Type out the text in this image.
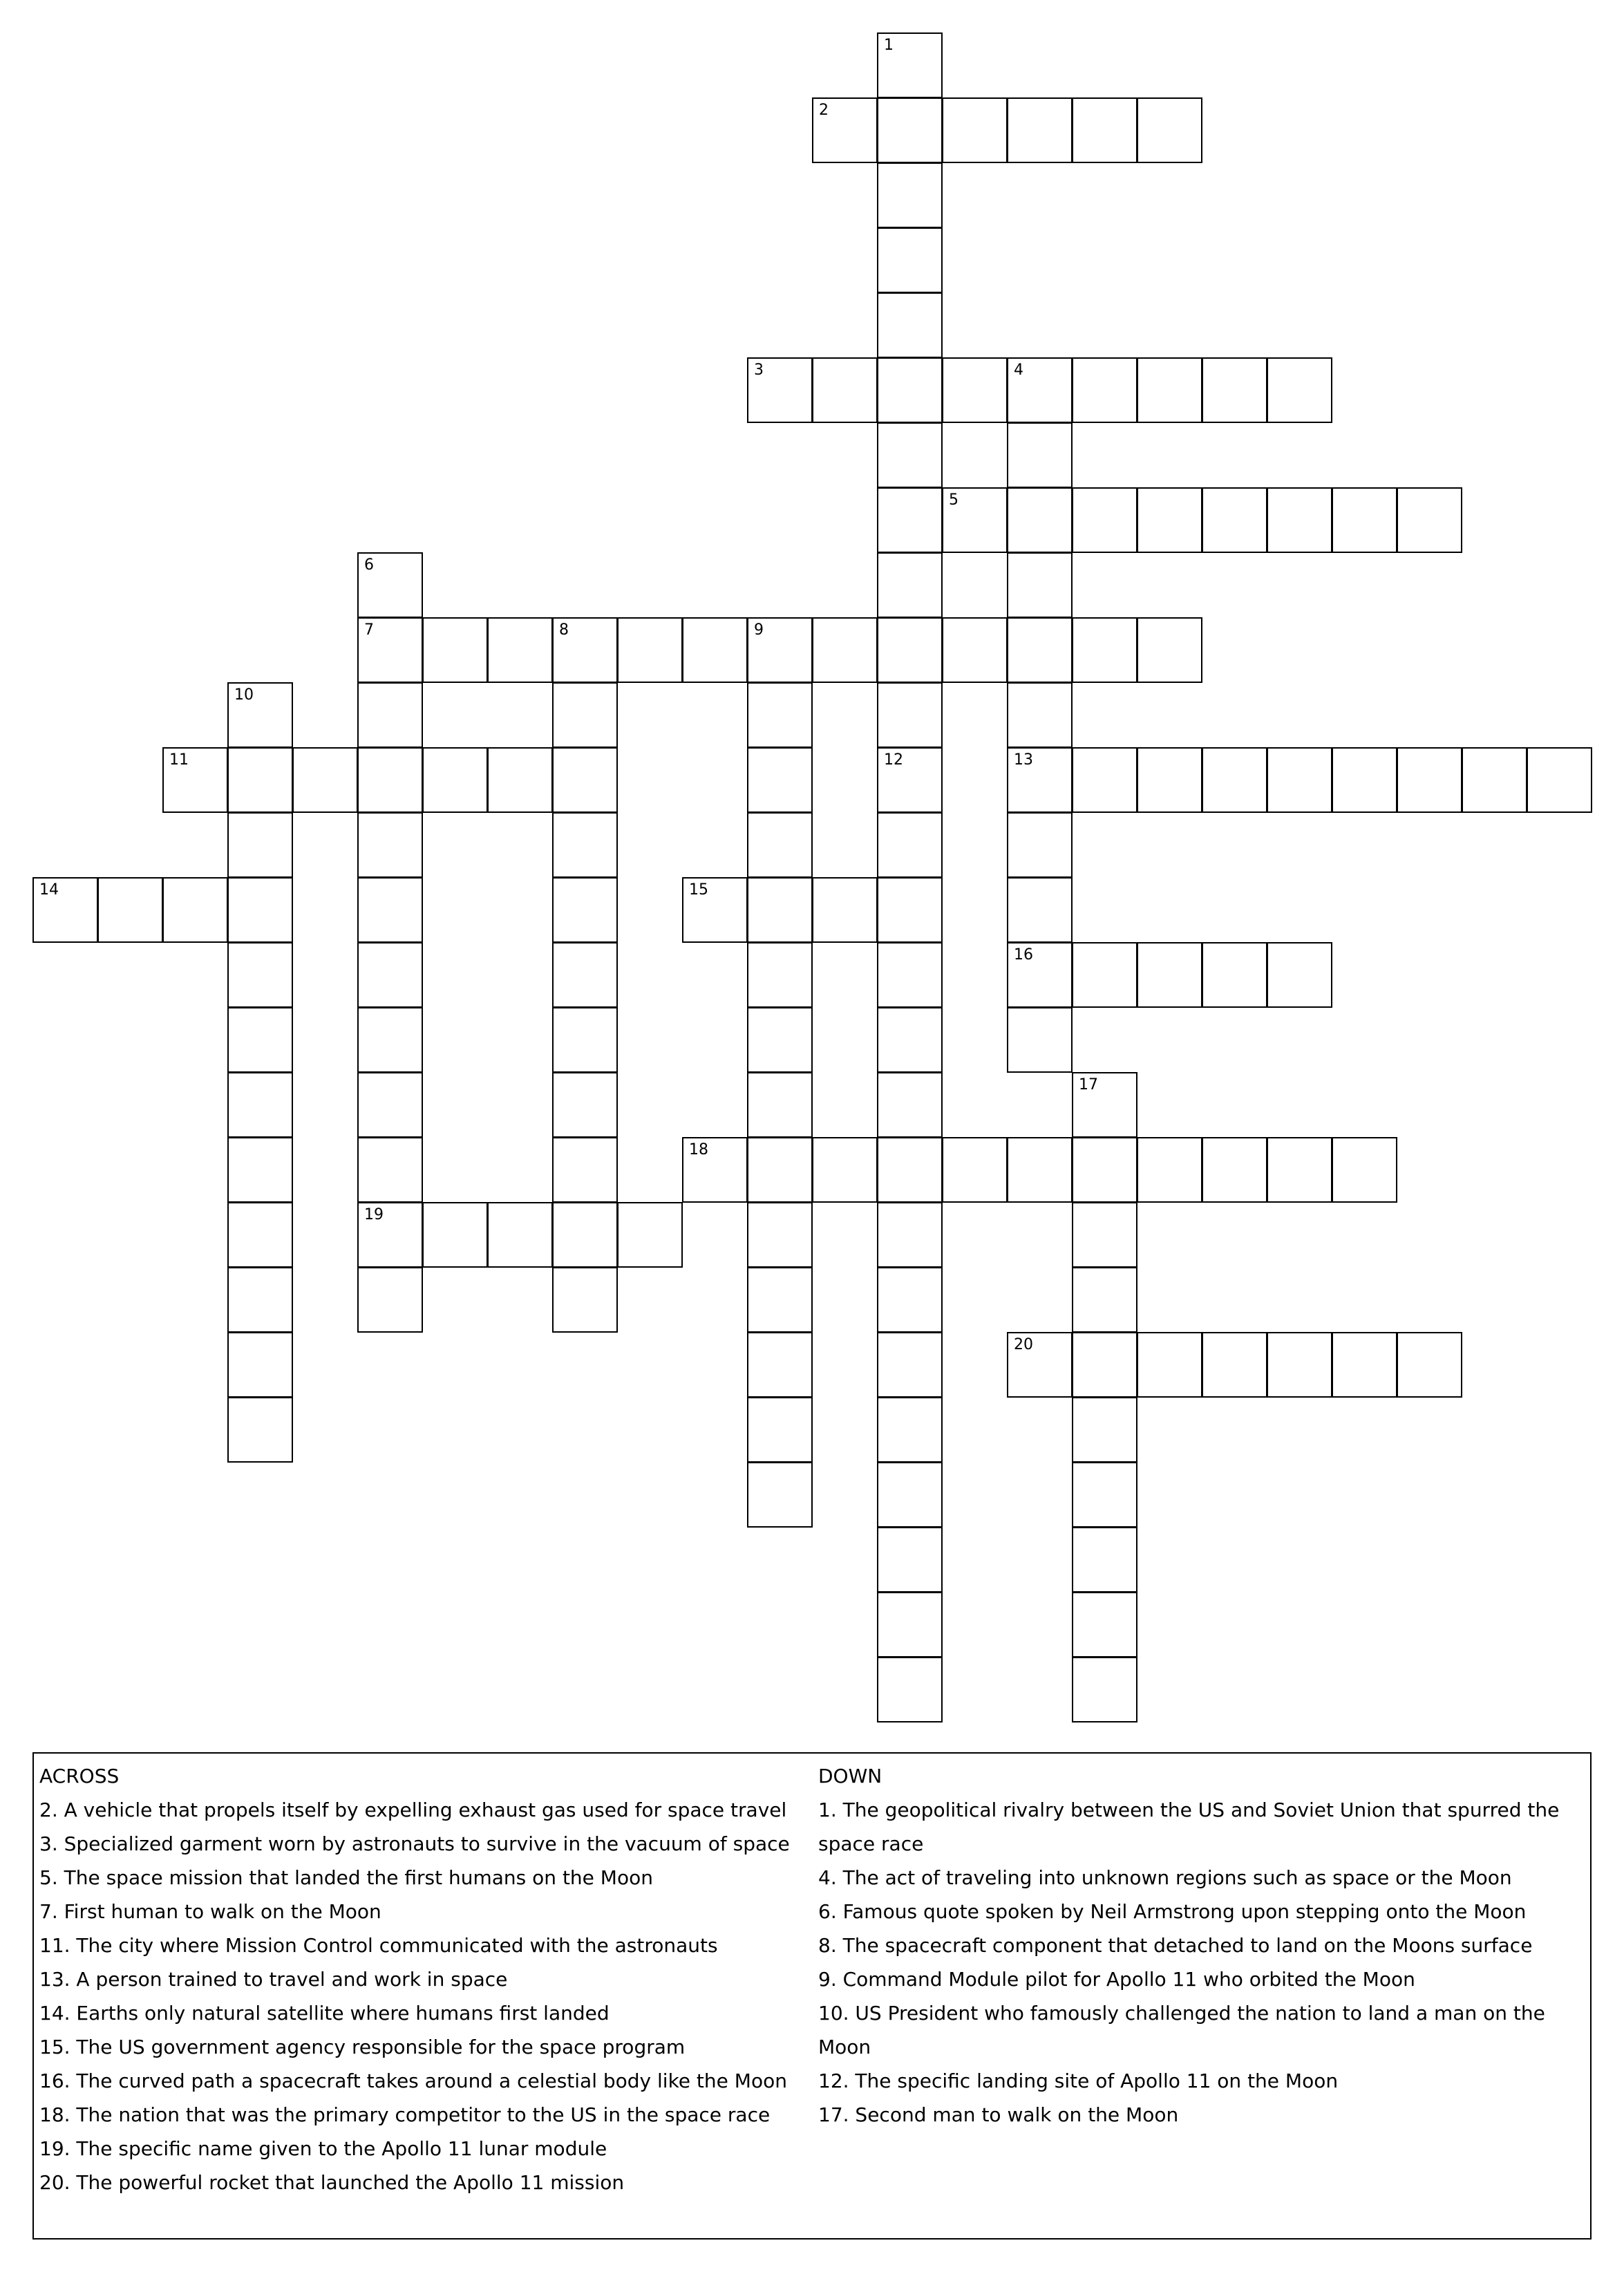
1
12
2
3	4
13
16
5
6
7
19
8	9
10
11
14	15
17
18
20
ACROSS
2. A vehicle that propels itself by expelling exhaust gas used for space travel
3. Specialized garment worn by astronauts to survive in the vacuum of space
5. The space mission that landed the first humans on the Moon
7. First human to walk on the Moon
11. The city where Mission Control communicated with the astronauts
13. A person trained to travel and work in space
14. Earths only natural satellite where humans first landed
15. The US government agency responsible for the space program
16. The curved path a spacecraft takes around a celestial body like the Moon
18. The nation that was the primary competitor to the US in the space race
19. The specific name given to the Apollo 11 lunar module
20. The powerful rocket that launched the Apollo 11 mission
DOWN
1. The geopolitical rivalry between the US and Soviet Union that spurred the space race
4. The act of traveling into unknown regions such as space or the Moon
6. Famous quote spoken by Neil Armstrong upon stepping onto the Moon
8. The spacecraft component that detached to land on the Moons surface
9. Command Module pilot for Apollo 11 who orbited the Moon
10. US President who famously challenged the nation to land a man on the Moon
12. The specific landing site of Apollo 11 on the Moon
17. Second man to walk on the Moon
